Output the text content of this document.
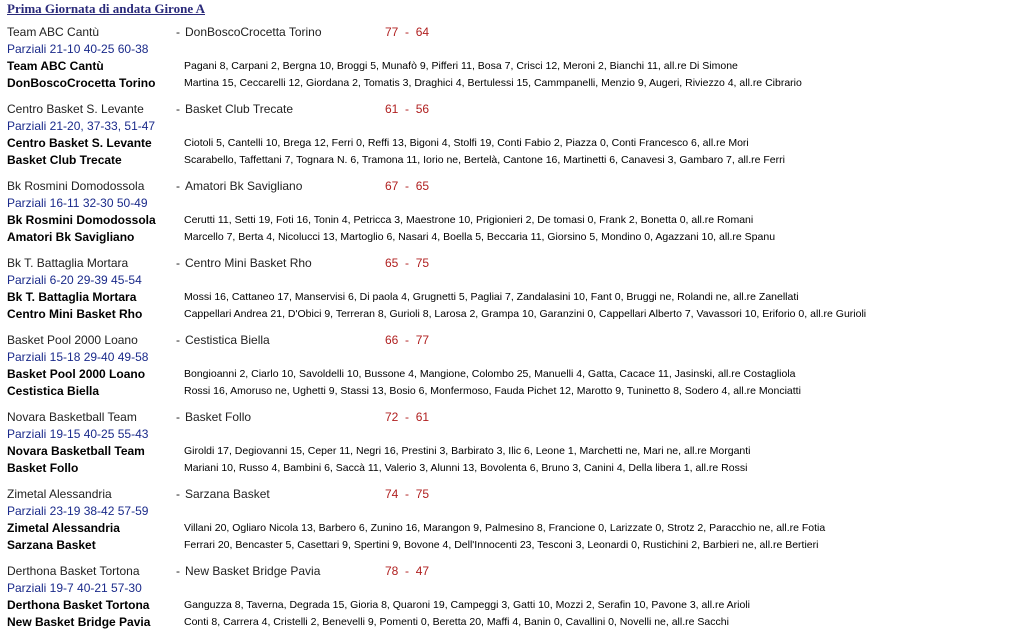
Prima Giornata di andata Girone A
Team ABC Cantù	- DonBoscoCrocetta Torino	77  -  64
Parziali 21-10 40-25 60-38
Team ABC Cantù	Pagani 8, Carpani 2, Bergna 10, Broggi 5, Munafò 9, Pifferi 11, Bosa 7, Crisci 12, Meroni 2, Bianchi 11, all.re Di Simone
DonBoscoCrocetta Torino	Martina 15, Ceccarelli 12, Giordana 2, Tomatis 3, Draghici 4, Bertulessi 15, Cammpanelli, Menzio 9, Augeri, Riviezzo 4, all.re Cibrario
Centro Basket S. Levante	- Basket Club Trecate	61  -  56
Parziali 21-20, 37-33, 51-47
Centro Basket S. Levante	Ciotoli 5, Cantelli 10, Brega 12, Ferri 0, Reffi 13, Bigoni 4, Stolfi 19, Conti Fabio 2, Piazza 0, Conti Francesco 6, all.re Mori
Basket Club Trecate	Scarabello, Taffettani 7, Tognara N. 6, Tramona 11, Iorio ne, Bertelà, Cantone 16, Martinetti 6, Canavesi 3, Gambaro 7, all.re Ferri
Bk Rosmini Domodossola	- Amatori Bk Savigliano	67  -  65
Parziali 16-11 32-30 50-49
Bk Rosmini Domodossola	Cerutti 11, Setti 19, Foti 16, Tonin 4, Petricca 3, Maestrone 10, Prigionieri 2, De tomasi 0, Frank 2, Bonetta 0, all.re Romani
Amatori Bk Savigliano	Marcello 7, Berta 4, Nicolucci 13, Martoglio 6, Nasari 4, Boella 5, Beccaria 11, Giorsino 5, Mondino 0, Agazzani 10, all.re Spanu
Bk T. Battaglia Mortara	- Centro Mini Basket Rho	65  -  75
Parziali 6-20 29-39 45-54
Bk T. Battaglia Mortara	Mossi 16, Cattaneo 17, Manservisi 6, Di paola 4, Grugnetti 5, Pagliai 7, Zandalasini 10, Fant 0, Bruggi ne, Rolandi ne, all.re Zanellati
Centro Mini Basket Rho	Cappellari Andrea 21, D'Obici 9, Terreran 8, Gurioli 8, Larosa 2, Grampa 10, Garanzini 0, Cappellari Alberto 7, Vavassori 10, Eriforio 0, all.re Gurioli
Basket Pool 2000 Loano	- Cestistica Biella	66  -  77
Parziali 15-18 29-40 49-58
Basket Pool 2000 Loano	Bongioanni 2, Ciarlo 10, Savoldelli 10, Bussone 4, Mangione, Colombo 25, Manuelli 4, Gatta, Cacace 11, Jasinski, all.re Costagliola
Cestistica Biella	Rossi 16, Amoruso ne, Ughetti 9, Stassi 13, Bosio 6, Monfermoso, Fauda Pichet 12, Marotto 9, Tuninetto 8, Sodero 4, all.re Monciatti
Novara Basketball Team	- Basket Follo	72  -  61
Parziali 19-15 40-25 55-43
Novara Basketball Team	Giroldi 17, Degiovanni 15, Ceper 11, Negri 16, Prestini 3, Barbirato 3, Ilic 6, Leone 1, Marchetti ne, Mari ne, all.re Morganti
Basket Follo	Mariani 10, Russo 4, Bambini 6, Saccà 11, Valerio 3, Alunni 13, Bovolenta 6, Bruno 3, Canini 4, Della libera 1, all.re Rossi
Zimetal Alessandria	- Sarzana Basket	74  -  75
Parziali 23-19 38-42 57-59
Zimetal Alessandria	Villani 20, Ogliaro Nicola 13, Barbero 6, Zunino 16, Marangon 9, Palmesino 8, Francione 0, Larizzate 0, Strotz 2, Paracchio ne, all.re Fotia
Sarzana Basket	Ferrari 20, Bencaster 5, Casettari 9, Spertini 9, Bovone 4, Dell'Innocenti 23, Tesconi 3, Leonardi 0, Rustichini 2, Barbieri ne, all.re Bertieri
Derthona Basket Tortona	- New Basket Bridge Pavia	78  -  47
Parziali 19-7 40-21 57-30
Derthona Basket Tortona	Ganguzza 8, Taverna, Degrada 15, Gioria 8, Quaroni 19, Campeggi 3, Gatti 10, Mozzi 2, Serafin 10, Pavone 3, all.re Arioli
New Basket Bridge Pavia	Conti 8, Carrera 4, Cristelli 2, Benevelli 9, Pomenti 0, Beretta 20, Maffi 4, Banin 0, Cavallini 0, Novelli ne, all.re Sacchi
